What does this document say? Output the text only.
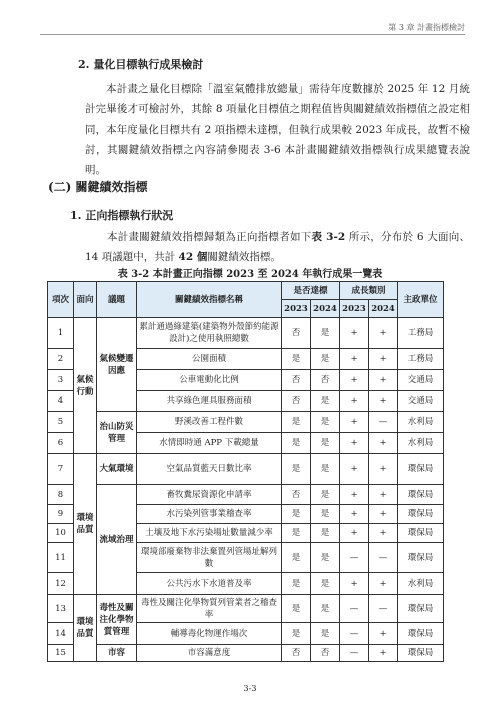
第 3 章 計畫指標檢討
2. 量化目標執行成果檢討

本計畫之量化目標除「溫室氣體排放總量」需待年度數據於 2025 年 12 月統計完畢後才可檢討外，其餘 8 項量化目標值之期程值皆與關鍵績效指標值之設定相同，本年度量化目標共有 2 項指標未達標，但執行成果較 2023 年成長，故暫不檢討，其關鍵績效指標之內容請參閱表 3-6 本計畫關鍵績效指標執行成果總覽表說明。

(二) 關鍵績效指標
1. 正向指標執行狀況

本計畫關鍵績效指標歸類為正向指標者如下表 3-2 所示，分布於 6 大面向、14 項議題中，共計 42 個關鍵績效指標。

表 3-2 本計畫正向指標 2023 至 2024 年執行成果一覽表
項次	面向	議題	關鍵績效指標名稱	是否達標		成長類別		主政單位
				2023	2024	2023	2024	
1	氣候行動	氣候變遷因應	累計通過綠建築(建築物外殼節約能源設計)之使用執照總數	否	是	+	+	工務局
2			公園面積	是	是	+	+	工務局
3			公車電動化比例	否	否	+	+	交通局
4			共享綠色運具服務面積	否	是	+	+	交通局
5		治山防災管理	野溪改善工程件數	是	是	+	—	水利局
6			水情即時通 APP 下載總量	是	是	+	+	水利局
7	環境品質	大氣環境	空氣品質藍天日數比率	是	是	+	+	環保局
8		流域治理	畜牧糞尿資源化申請率	否	是	+	+	環保局
9			水污染列管事業稽查率	是	是	+	+	環保局
10			土壤及地下水污染場址數量減少率	是	是	+	+	環保局
11			環境部廢棄物非法棄置列管場址解列數	是	是	—	—	環保局
12			公共污水下水道普及率	是	是	+	+	水利局
13	環境品質	毒性及關注化學物質管理	毒性及關注化學物質列管業者之稽查率	是	是	—	—	環保局
14			輔導毒化物運作場次	是	是	—	+	環保局
15		市容	市容滿意度	否	否	—	+	環保局
3-3
